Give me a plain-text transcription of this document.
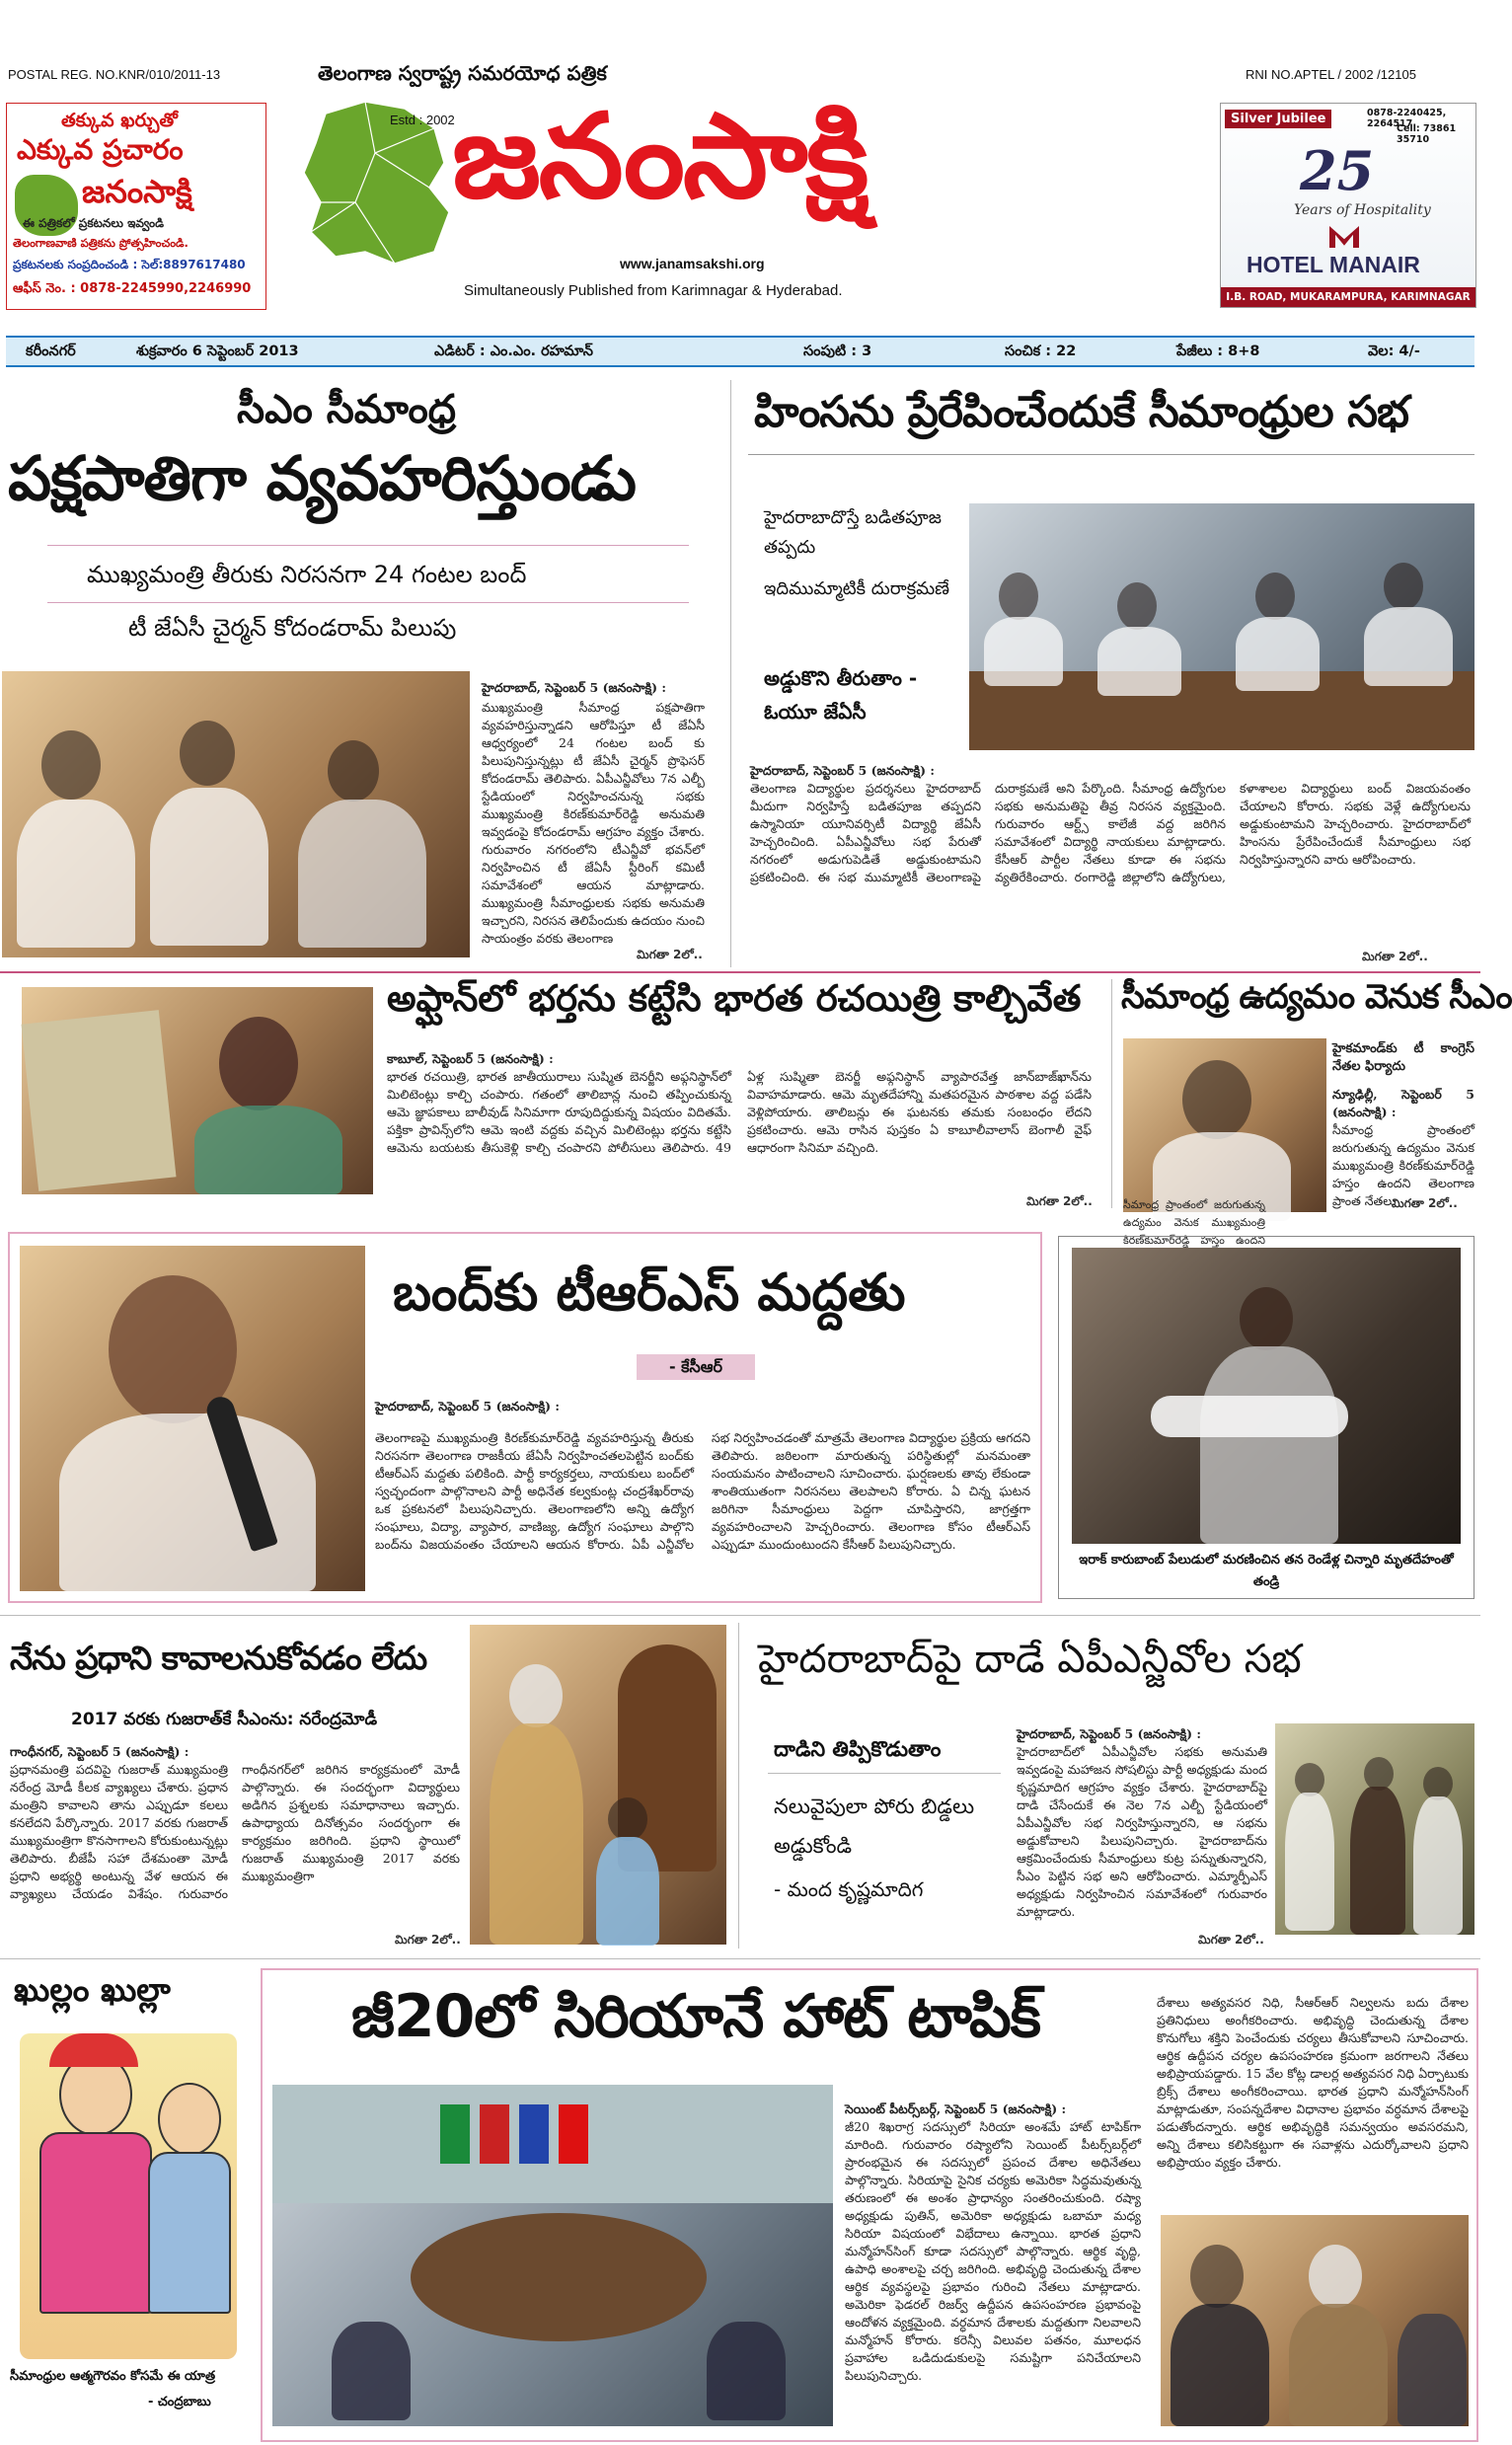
POSTAL REG. NO.KNR/010/2011-13	తెలంగాణ స్వరాష్ట్ర సమరయోధ పత్రిక	RNI NO.APTEL / 2002 /12105
తక్కువ ఖర్చుతో
ఎక్కువ ప్రచారం
జనంసాక్షి
ఈ పత్రికలో ప్రకటనలు ఇవ్వండి
తెలంగాణవాణి పత్రికను ప్రోత్సహించండి.
ప్రకటనలకు సంప్రదించండి : సెల్:8897617480
ఆఫీస్ నెం. : 0878-2245990,2246990
Estd : 2002
జనంసాక్షి
www.janamsakshi.org
Simultaneously Published from Karimnagar & Hyderabad.
Silver Jubilee	0878-2240425, 2264517
Cell: 73861 35710
25
Years of Hospitality
HOTEL MANAIR
I.B. ROAD, MUKARAMPURA, KARIMNAGAR (A.P)
కరీంనగర్	శుక్రవారం 6 సెప్టెంబర్ 2013	ఎడిటర్ : ఎం.ఎం. రహమాన్	సంపుటి : 3	సంచిక : 22	పేజీలు : 8+8	వెల: 4/-
సీఎం సీమాంధ్ర
పక్షపాతిగా వ్యవహరిస్తుండు
ముఖ్యమంత్రి తీరుకు నిరసనగా 24 గంటల బంద్
టీ జేఏసీ చైర్మన్ కోదండరామ్ పిలుపు
హైదరాబాద్, సెప్టెంబర్ 5 (జనంసాక్షి) :
ముఖ్యమంత్రి సీమాంధ్ర పక్షపాతిగా వ్యవహరిస్తున్నాడని ఆరోపిస్తూ టీ జేఏసీ ఆధ్వర్యంలో 24 గంటల బంద్ కు పిలుపునిస్తున్నట్లు టీ జేఏసీ చైర్మన్ ప్రొఫెసర్ కోదండరామ్ తెలిపారు. ఏపీఎన్జీవోలు 7న ఎల్బీ స్టేడియంలో నిర్వహించనున్న సభకు ముఖ్యమంత్రి కిరణ్‌కుమార్‌రెడ్డి అనుమతి ఇవ్వడంపై కోదండరామ్ ఆగ్రహం వ్యక్తం చేశారు. గురువారం నగరంలోని టీఎన్జీవో భవన్‌లో నిర్వహించిన టీ జేఏసీ స్టీరింగ్ కమిటీ సమావేశంలో ఆయన మాట్లాడారు. ముఖ్యమంత్రి సీమాంధ్రులకు సభకు అనుమతి ఇచ్చారని, నిరసన తెలిపేందుకు ఉదయం నుంచి సాయంత్రం వరకు తెలంగాణ
మిగతా 2లో..
హింసను ప్రేరేపించేందుకే సీమాంధ్రుల సభ
హైదరాబాదొస్తే బడితపూజ తప్పదు
ఇదిముమ్మాటికీ దురాక్రమణే
అడ్డుకొని తీరుతాం - ఓయూ జేఏసీ
హైదరాబాద్, సెప్టెంబర్ 5 (జనంసాక్షి) :
తెలంగాణ విద్యార్థుల ప్రదర్శనలు హైదరాబాద్ మీదుగా నిర్వహిస్తే బడితపూజ తప్పదని ఉస్మానియా యూనివర్సిటీ విద్యార్థి జేఏసీ హెచ్చరించింది. ఏపీఎన్జీవోలు సభ పేరుతో నగరంలో అడుగుపెడితే అడ్డుకుంటామని ప్రకటించింది. ఈ సభ ముమ్మాటికీ తెలంగాణపై దురాక్రమణే అని పేర్కొంది. సీమాంధ్ర ఉద్యోగుల సభకు అనుమతిపై తీవ్ర నిరసన వ్యక్తమైంది. గురువారం ఆర్ట్స్ కాలేజీ వద్ద జరిగిన సమావేశంలో విద్యార్థి నాయకులు మాట్లాడారు. కేసీఆర్ పార్టీల నేతలు కూడా ఈ సభను వ్యతిరేకించారు. రంగారెడ్డి జిల్లాలోని ఉద్యోగులు, కళాశాలల విద్యార్థులు బంద్ విజయవంతం చేయాలని కోరారు. సభకు వెళ్లే ఉద్యోగులను అడ్డుకుంటామని హెచ్చరించారు. హైదరాబాద్‌లో హింసను ప్రేరేపించేందుకే సీమాంధ్రులు సభ నిర్వహిస్తున్నారని వారు ఆరోపించారు.
మిగతా 2లో..
అఫ్ఘాన్‌లో భర్తను కట్టేసి భారత రచయిత్రి కాల్చివేత
కాబూల్, సెప్టెంబర్ 5 (జనంసాక్షి) :
భారత రచయిత్రి, భారత జాతీయురాలు సుష్మిత బెనర్జీని అఫ్గనిస్థాన్‌లో మిలిటెంట్లు కాల్చి చంపారు. గతంలో తాలిబాన్ల నుంచి తప్పించుకున్న ఆమె జ్ఞాపకాలు బాలీవుడ్ సినిమాగా రూపుదిద్దుకున్న విషయం విదితమే. పక్తికా ప్రావిన్స్‌లోని ఆమె ఇంటి వద్దకు వచ్చిన మిలిటెంట్లు భర్తను కట్టేసి ఆమెను బయటకు తీసుకెళ్లి కాల్చి చంపారని పోలీసులు తెలిపారు. 49 ఏళ్ల సుష్మితా బెనర్జీ అఫ్గనిస్థాన్ వ్యాపారవేత్త జాన్‌బాజ్‌ఖాన్‌ను వివాహమాడారు. ఆమె మృతదేహాన్ని మతపరమైన పాఠశాల వద్ద పడేసి వెళ్లిపోయారు. తాలిబన్లు ఈ ఘటనకు తమకు సంబంధం లేదని ప్రకటించారు. ఆమె రాసిన పుస్తకం ఏ కాబూలీవాలాస్ బెంగాలీ వైఫ్ ఆధారంగా సినిమా వచ్చింది.
మిగతా 2లో..
సీమాంధ్ర ఉద్యమం వెనుక సీఎం
హైకమాండ్‌కు టీ కాంగ్రెస్ నేతల ఫిర్యాదు
న్యూఢిల్లీ, సెప్టెంబర్ 5 (జనంసాక్షి) :
సీమాంధ్ర ప్రాంతంలో జరుగుతున్న ఉద్యమం వెనుక ముఖ్యమంత్రి కిరణ్‌కుమార్‌రెడ్డి హస్తం ఉందని తెలంగాణ ప్రాంత నేతలు
సీమాంధ్ర ప్రాంతంలో జరుగుతున్న ఉద్యమం వెనుక ముఖ్యమంత్రి కిరణ్‌కుమార్‌రెడ్డి హస్తం ఉందని
మిగతా 2లో..
బంద్‌కు టీఆర్ఎస్ మద్దతు
- కేసీఆర్
హైదరాబాద్, సెప్టెంబర్ 5 (జనంసాక్షి) :
తెలంగాణపై ముఖ్యమంత్రి కిరణ్‌కుమార్‌రెడ్డి వ్యవహరిస్తున్న తీరుకు నిరసనగా తెలంగాణ రాజకీయ జేఏసీ నిర్వహించతలపెట్టిన బంద్‌కు టీఆర్ఎస్ మద్దతు పలికింది. పార్టీ కార్యకర్తలు, నాయకులు బంద్‌లో స్వచ్ఛందంగా పాల్గొనాలని పార్టీ అధినేత కల్వకుంట్ల చంద్రశేఖర్‌రావు ఒక ప్రకటనలో పిలుపునిచ్చారు. తెలంగాణలోని అన్ని ఉద్యోగ సంఘాలు, విద్యా, వ్యాపార, వాణిజ్య, ఉద్యోగ సంఘాలు పాల్గొని బంద్‌ను విజయవంతం చేయాలని ఆయన కోరారు. ఏపీ ఎన్జీవోల సభ నిర్వహించడంతో మాత్రమే తెలంగాణ విద్యార్థుల ప్రక్రియ ఆగదని తెలిపారు. జఠిలంగా మారుతున్న పరిస్థితుల్లో మనమంతా సంయమనం పాటించాలని సూచించారు. ఘర్షణలకు తావు లేకుండా శాంతియుతంగా నిరసనలు తెలపాలని కోరారు. ఏ చిన్న ఘటన జరిగినా సీమాంధ్రులు పెద్దగా చూపిస్తారని, జాగ్రత్తగా వ్యవహరించాలని హెచ్చరించారు. తెలంగాణ కోసం టీఆర్ఎస్ ఎప్పుడూ ముందుంటుందని కేసీఆర్ పిలుపునిచ్చారు.
ఇరాక్ కారుబాంబ్ పేలుడులో మరణించిన తన రెండేళ్ల చిన్నారి మృతదేహంతో తండ్రి
నేను ప్రధాని కావాలనుకోవడం లేదు
2017 వరకు గుజరాత్‌కే సీఎంను: నరేంద్రమోడీ
గాంధీనగర్, సెప్టెంబర్ 5 (జనంసాక్షి) :
ప్రధానమంత్రి పదవిపై గుజరాత్ ముఖ్యమంత్రి నరేంద్ర మోడీ కీలక వ్యాఖ్యలు చేశారు. ప్రధాన మంత్రిని కావాలని తాను ఎప్పుడూ కలలు కనలేదని పేర్కొన్నారు. 2017 వరకు గుజరాత్ ముఖ్యమంత్రిగా కొనసాగాలని కోరుకుంటున్నట్లు తెలిపారు. బీజేపీ సహా దేశమంతా మోడీ ప్రధాని అభ్యర్థి అంటున్న వేళ ఆయన ఈ వ్యాఖ్యలు చేయడం విశేషం. గురువారం గాంధీనగర్‌లో జరిగిన కార్యక్రమంలో మోడీ పాల్గొన్నారు. ఈ సందర్భంగా విద్యార్థులు అడిగిన ప్రశ్నలకు సమాధానాలు ఇచ్చారు. ఉపాధ్యాయ దినోత్సవం సందర్భంగా ఈ కార్యక్రమం జరిగింది. ప్రధాని స్థాయిలో గుజరాత్ ముఖ్యమంత్రి 2017 వరకు ముఖ్యమంత్రిగా
మిగతా 2లో..
హైదరాబాద్‌పై దాడే ఏపీఎన్జీవోల సభ
దాడిని తిప్పికొడుతాం
నలువైపులా పోరు బిడ్డలు అడ్డుకోండి
- మంద కృష్ణమాదిగ
హైదరాబాద్, సెప్టెంబర్ 5 (జనంసాక్షి) :
హైదరాబాద్‌లో ఏపీఎన్జీవోల సభకు అనుమతి ఇవ్వడంపై మహాజన సోషలిస్టు పార్టీ అధ్యక్షుడు మంద కృష్ణమాదిగ ఆగ్రహం వ్యక్తం చేశారు. హైదరాబాద్‌పై దాడి చేసేందుకే ఈ నెల 7న ఎల్బీ స్టేడియంలో ఏపీఎన్జీవోల సభ నిర్వహిస్తున్నారని, ఆ సభను అడ్డుకోవాలని పిలుపునిచ్చారు. హైదరాబాద్‌ను ఆక్రమించేందుకు సీమాంధ్రులు కుట్ర పన్నుతున్నారని, సీఎం పెట్టిన సభ అని ఆరోపించారు. ఎమ్మార్పీఎస్ అధ్యక్షుడు నిర్వహించిన సమావేశంలో గురువారం మాట్లాడారు.
మిగతా 2లో..
ఖుల్లం ఖుల్లా
సీమాంధ్రుల ఆత్మగౌరవం కోసమే ఈ యాత్ర
- చంద్రబాబు
జీ20లో సిరియానే హాట్ టాపిక్
సెయింట్ పీటర్స్‌బర్గ్, సెప్టెంబర్ 5 (జనంసాక్షి) :
జీ20 శిఖరాగ్ర సదస్సులో సిరియా అంశమే హాట్ టాపిక్‌గా మారింది. గురువారం రష్యాలోని సెయింట్ పీటర్స్‌బర్గ్‌లో ప్రారంభమైన ఈ సదస్సులో ప్రపంచ దేశాల అధినేతలు పాల్గొన్నారు. సిరియాపై సైనిక చర్యకు అమెరికా సిద్ధమవుతున్న తరుణంలో ఈ అంశం ప్రాధాన్యం సంతరించుకుంది. రష్యా అధ్యక్షుడు పుతిన్, అమెరికా అధ్యక్షుడు ఒబామా మధ్య సిరియా విషయంలో విభేదాలు ఉన్నాయి. భారత ప్రధాని మన్మోహన్‌సింగ్ కూడా సదస్సులో పాల్గొన్నారు. ఆర్థిక వృద్ధి, ఉపాధి అంశాలపై చర్చ జరిగింది. అభివృద్ధి చెందుతున్న దేశాల ఆర్థిక వ్యవస్థలపై ప్రభావం గురించి నేతలు మాట్లాడారు. అమెరికా ఫెడరల్ రిజర్వ్ ఉద్దీపన ఉపసంహరణ ప్రభావంపై ఆందోళన వ్యక్తమైంది. వర్ధమాన దేశాలకు మద్దతుగా నిలవాలని మన్మోహన్ కోరారు. కరెన్సీ విలువల పతనం, మూలధన ప్రవాహాల ఒడిదుడుకులపై సమష్టిగా పనిచేయాలని పిలుపునిచ్చారు.
దేశాలు అత్యవసర నిధి, సీఆర్ఆర్ నిల్వలను బదు దేశాల ప్రతినిధులు అంగీకరించారు. అభివృద్ధి చెందుతున్న దేశాల కొనుగోలు శక్తిని పెంచేందుకు చర్యలు తీసుకోవాలని సూచించారు. ఆర్థిక ఉద్దీపన చర్యల ఉపసంహరణ క్రమంగా జరగాలని నేతలు అభిప్రాయపడ్డారు. 15 వేల కోట్ల డాలర్ల అత్యవసర నిధి ఏర్పాటుకు బ్రిక్స్ దేశాలు అంగీకరించాయి. భారత ప్రధాని మన్మోహన్‌సింగ్ మాట్లాడుతూ, సంపన్నదేశాల విధానాల ప్రభావం వర్ధమాన దేశాలపై పడుతోందన్నారు. ఆర్థిక అభివృద్ధికి సమన్వయం అవసరమని, అన్ని దేశాలు కలిసికట్టుగా ఈ సవాళ్లను ఎదుర్కోవాలని ప్రధాని అభిప్రాయం వ్యక్తం చేశారు.
